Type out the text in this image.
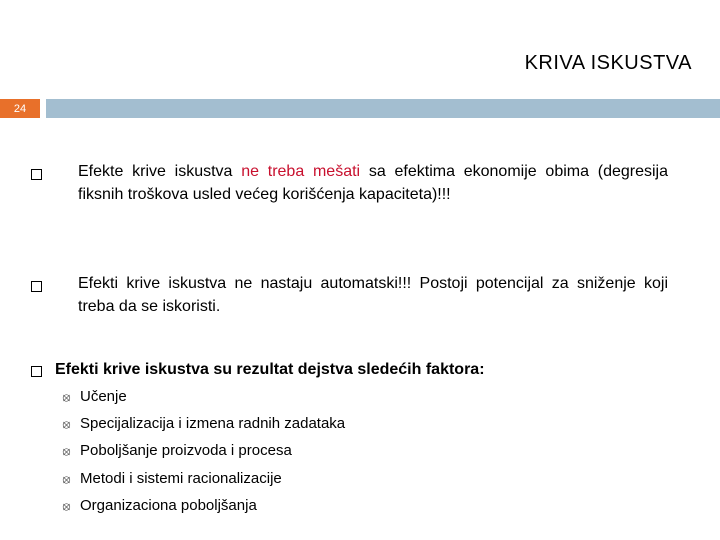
KRIVA ISKUSTVA
24
Efekte krive iskustva ne treba mešati sa efektima ekonomije obima (degresija fiksnih troškova usled većeg korišćenja kapaciteta)!!!
Efekti krive iskustva ne nastaju automatski!!! Postoji potencijal za sniženje koji treba da se iskoristi.
Efekti krive iskustva su rezultat dejstva sledećih faktora:
⦻ Učenje
⦻ Specijalizacija i izmena radnih zadataka
⦻ Poboljšanje proizvoda i procesa
⦻ Metodi i sistemi racionalizacije
⦻ Organizaciona poboljšanja
